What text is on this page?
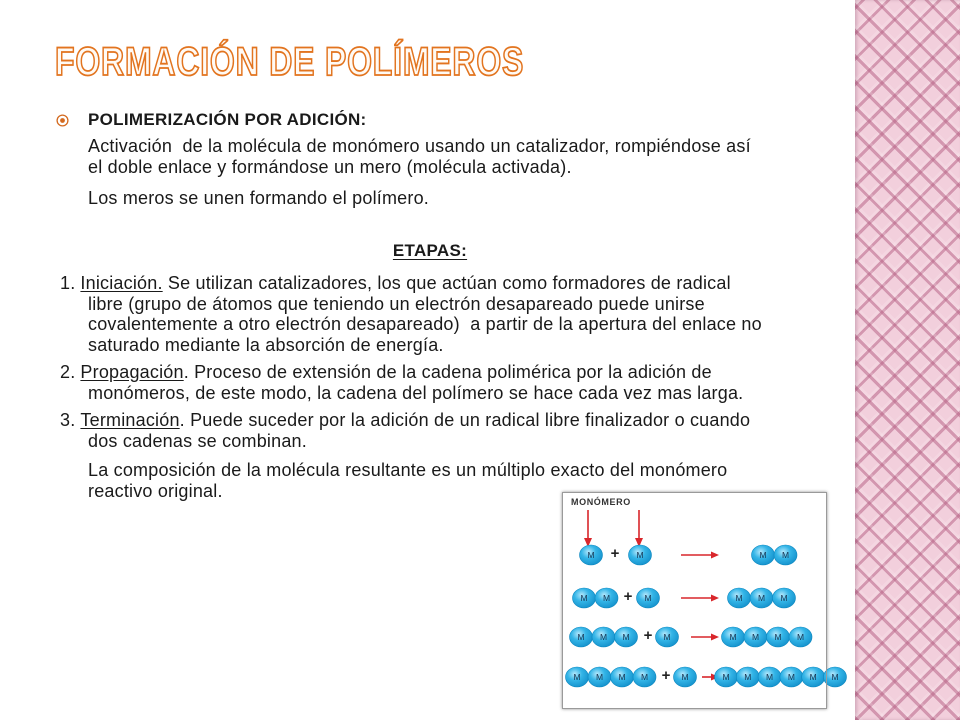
FORMACIÓN DE POLÍMEROS
POLIMERIZACIÓN POR ADICIÓN:
Activación  de la molécula de monómero usando un catalizador, rompiéndose así
el doble enlace y formándose un mero (molécula activada).
Los meros se unen formando el polímero.
ETAPAS:
1. Iniciación. Se utilizan catalizadores, los que actúan como formadores de radical
libre (grupo de átomos que teniendo un electrón desapareado puede unirse
covalentemente a otro electrón desapareado)  a partir de la apertura del enlace no
saturado mediante la absorción de energía.
2. Propagación. Proceso de extensión de la cadena polimérica por la adición de
monómeros, de este modo, la cadena del polímero se hace cada vez mas larga.
3. Terminación. Puede suceder por la adición de un radical libre finalizador o cuando
dos cadenas se combinan.
La composición de la molécula resultante es un múltiplo exacto del monómero
reactivo original.
MONÓMERO
M + M	M M
M M + M	M M M
M M M + M	M M M M
M M M M + M	M M M M M M
